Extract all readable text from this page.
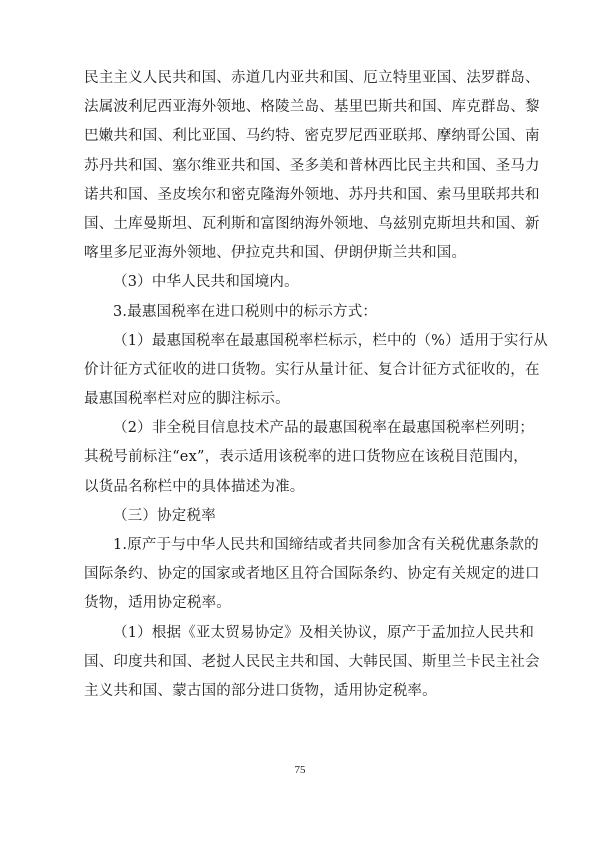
民主主义人民共和国、赤道几内亚共和国、厄立特里亚国、法罗群岛、
法属波利尼西亚海外领地、格陵兰岛、基里巴斯共和国、库克群岛、黎
巴嫩共和国、利比亚国、马约特、密克罗尼西亚联邦、摩纳哥公国、南
苏丹共和国、塞尔维亚共和国、圣多美和普林西比民主共和国、圣马力
诺共和国、圣皮埃尔和密克隆海外领地、苏丹共和国、索马里联邦共和
国、土库曼斯坦、瓦利斯和富图纳海外领地、乌兹别克斯坦共和国、新
喀里多尼亚海外领地、伊拉克共和国、伊朗伊斯兰共和国。
（3）中华人民共和国境内。
3.最惠国税率在进口税则中的标示方式：
（1）最惠国税率在最惠国税率栏标示，栏中的（%）适用于实行从
价计征方式征收的进口货物。实行从量计征、复合计征方式征收的，在
最惠国税率栏对应的脚注标示。
（2）非全税目信息技术产品的最惠国税率在最惠国税率栏列明；
其税号前标注“ex”，表示适用该税率的进口货物应在该税目范围内，
以货品名称栏中的具体描述为准。
（三）协定税率
1.原产于与中华人民共和国缔结或者共同参加含有关税优惠条款的
国际条约、协定的国家或者地区且符合国际条约、协定有关规定的进口
货物，适用协定税率。
（1）根据《亚太贸易协定》及相关协议，原产于孟加拉人民共和
国、印度共和国、老挝人民民主共和国、大韩民国、斯里兰卡民主社会
主义共和国、蒙古国的部分进口货物，适用协定税率。
75
